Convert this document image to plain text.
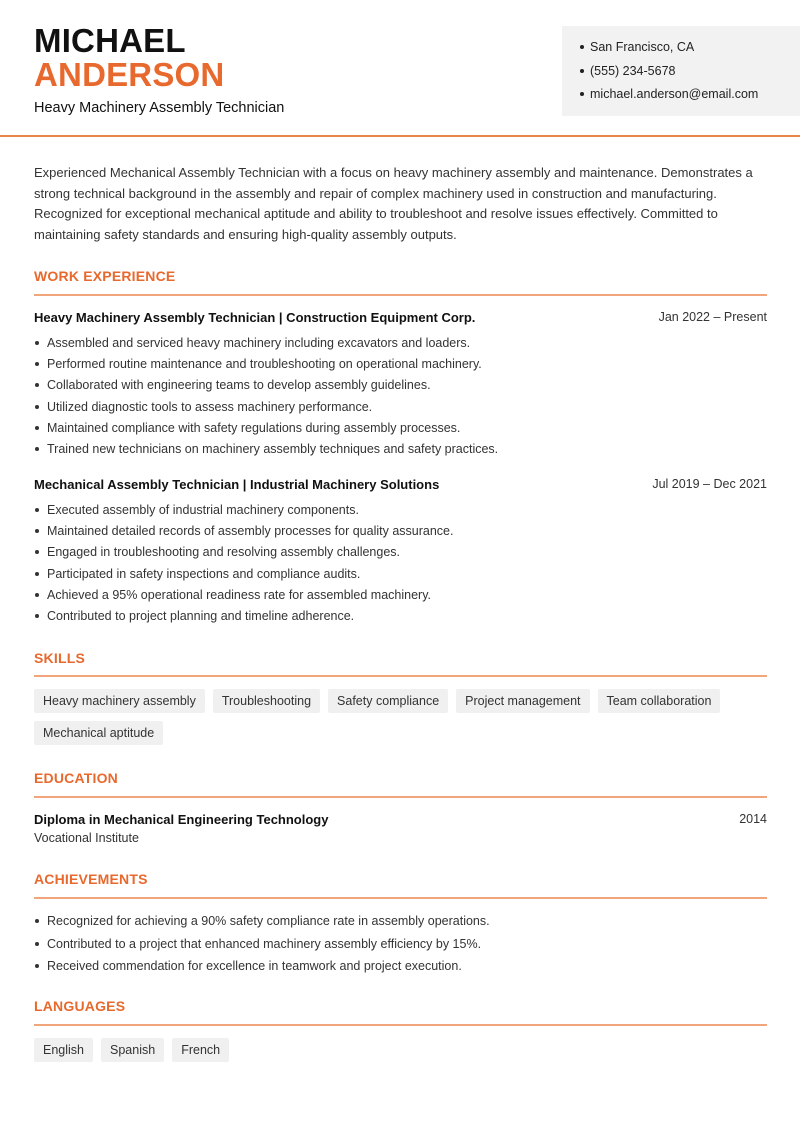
MICHAEL
ANDERSON
Heavy Machinery Assembly Technician
San Francisco, CA
(555) 234-5678
michael.anderson@email.com

Experienced Mechanical Assembly Technician with a focus on heavy machinery assembly and maintenance. Demonstrates a strong technical background in the assembly and repair of complex machinery used in construction and manufacturing. Recognized for exceptional mechanical aptitude and ability to troubleshoot and resolve issues effectively. Committed to maintaining safety standards and ensuring high-quality assembly outputs.

WORK EXPERIENCE
Heavy Machinery Assembly Technician | Construction Equipment Corp.	Jan 2022 – Present
Assembled and serviced heavy machinery including excavators and loaders.
Performed routine maintenance and troubleshooting on operational machinery.
Collaborated with engineering teams to develop assembly guidelines.
Utilized diagnostic tools to assess machinery performance.
Maintained compliance with safety regulations during assembly processes.
Trained new technicians on machinery assembly techniques and safety practices.
Mechanical Assembly Technician | Industrial Machinery Solutions	Jul 2019 – Dec 2021
Executed assembly of industrial machinery components.
Maintained detailed records of assembly processes for quality assurance.
Engaged in troubleshooting and resolving assembly challenges.
Participated in safety inspections and compliance audits.
Achieved a 95% operational readiness rate for assembled machinery.
Contributed to project planning and timeline adherence.
SKILLS
Heavy machinery assembly	Troubleshooting	Safety compliance	Project management	Team collaboration
Mechanical aptitude
EDUCATION
Diploma in Mechanical Engineering Technology	2014
Vocational Institute
ACHIEVEMENTS
Recognized for achieving a 90% safety compliance rate in assembly operations.
Contributed to a project that enhanced machinery assembly efficiency by 15%.
Received commendation for excellence in teamwork and project execution.
LANGUAGES
English	Spanish	French
